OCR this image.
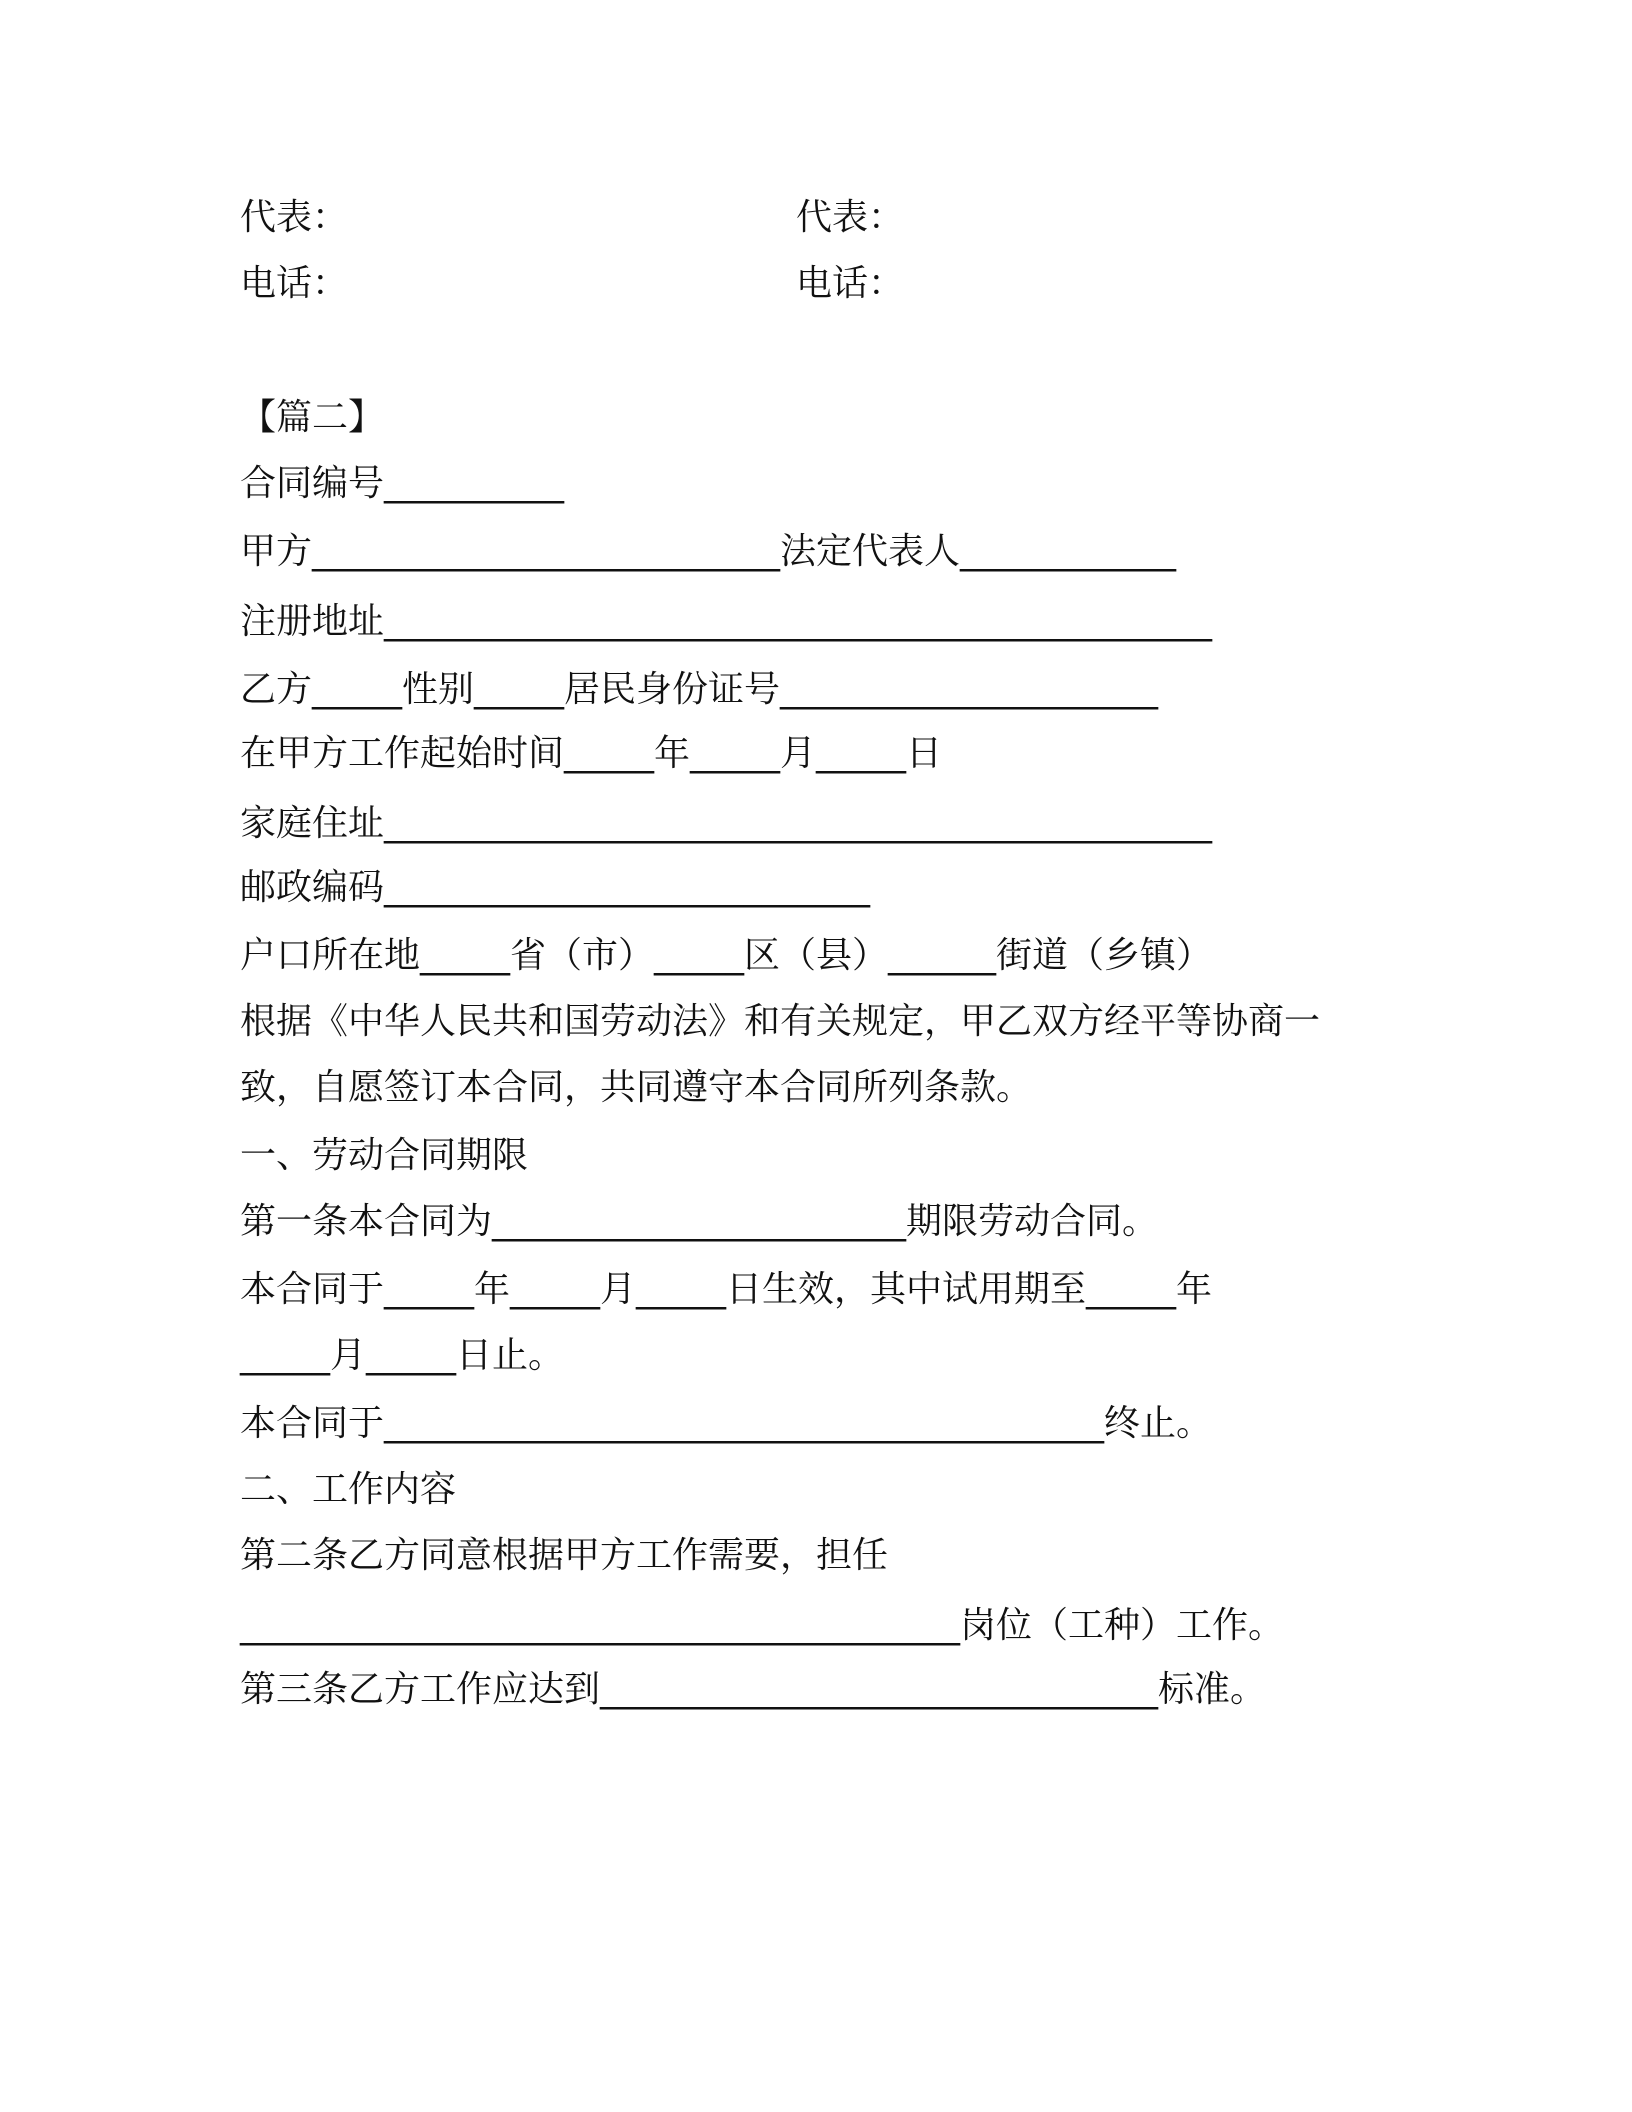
代表：	代表：
电话：	电话：
【篇二】
合同编号__________
甲方__________________________法定代表人____________
注册地址______________________________________________
乙方_____性别_____居民身份证号_____________________
在甲方工作起始时间_____年_____月_____日
家庭住址______________________________________________
邮政编码___________________________
户口所在地_____省（市）_____区（县）______街道（乡镇）
根据《中华人民共和国劳动法》和有关规定，甲乙双方经平等协商一
致，自愿签订本合同，共同遵守本合同所列条款。
一、劳动合同期限
第一条本合同为_______________________期限劳动合同。
本合同于_____年_____月_____日生效，其中试用期至_____年
_____月_____日止。
本合同于________________________________________终止。
二、工作内容
第二条乙方同意根据甲方工作需要，担任
________________________________________岗位（工种）工作。
第三条乙方工作应达到_______________________________标准。
